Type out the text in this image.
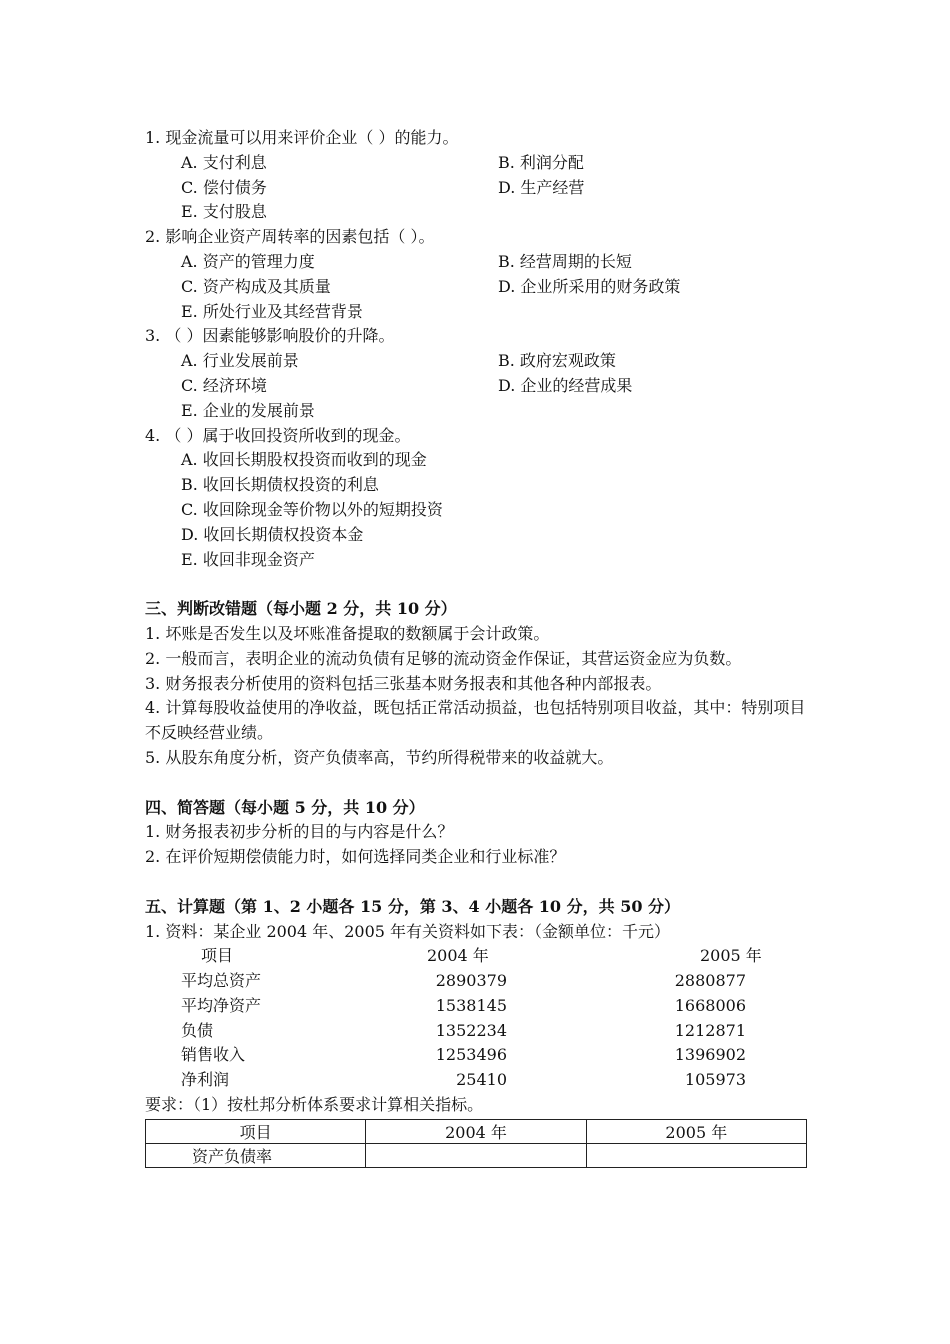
1. 现金流量可以用来评价企业（ ）的能力。
A. 支付利息	B. 利润分配
C. 偿付债务	D. 生产经营
E. 支付股息
2. 影响企业资产周转率的因素包括（ ）。
A. 资产的管理力度	B. 经营周期的长短
C. 资产构成及其质量	D. 企业所采用的财务政策
E. 所处行业及其经营背景
3. （ ）因素能够影响股价的升降。
A. 行业发展前景	B. 政府宏观政策
C. 经济环境	D. 企业的经营成果
E. 企业的发展前景
4. （ ）属于收回投资所收到的现金。
A. 收回长期股权投资而收到的现金
B. 收回长期债权投资的利息
C. 收回除现金等价物以外的短期投资
D. 收回长期债权投资本金
E. 收回非现金资产
三、判断改错题（每小题 2 分，共 10 分）
1. 坏账是否发生以及坏账准备提取的数额属于会计政策。
2. 一般而言，表明企业的流动负债有足够的流动资金作保证，其营运资金应为负数。
3. 财务报表分析使用的资料包括三张基本财务报表和其他各种内部报表。
4. 计算每股收益使用的净收益，既包括正常活动损益，也包括特别项目收益，其中：特别项目不反映经营业绩。
5. 从股东角度分析，资产负债率高，节约所得税带来的收益就大。
四、简答题（每小题 5 分，共 10 分）
1. 财务报表初步分析的目的与内容是什么？
2. 在评价短期偿债能力时，如何选择同类企业和行业标准？
五、计算题（第 1、2 小题各 15 分，第 3、4 小题各 10 分，共 50 分）
1. 资料：某企业 2004 年、2005 年有关资料如下表：（金额单位：千元）
项目	2004 年	2005 年
平均总资产	2890379	2880877
平均净资产	1538145	1668006
负债	1352234	1212871
销售收入	1253496	1396902
净利润	25410	105973
要求：（1）按杜邦分析体系要求计算相关指标。
项目	2004 年	2005 年
资产负债率		
